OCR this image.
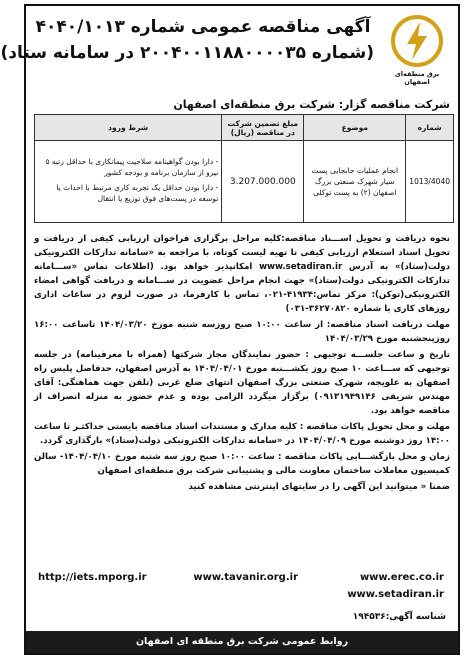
برق منطقه‌ای اصفهان
آگهی مناقصه عمومی شماره ۴۰۴۰/۱۰۱۳
(شماره ۲۰۰۴۰۰۱۱۸۸۰۰۰۰۳۵ در سامانه ستاد)
شرکت مناقصه گزار: شرکت برق منطقه‌ای اصفهان
شماره	موضوع	مبلغ تضمین شرکت در مناقصه (ریال)	شرط ورود
1013/4040	انجام عملیات جابجایی پست سیار شهرک صنعتی بزرگ اصفهان (۲) به پست توکلی	3.207.000.000	- دارا بودن گواهینامه صلاحیت پیمانکاری با حداقل رتبه ۵ نیرو از سازمان برنامه و بودجه کشور
- دارا بودن حداقل یک تجربه کاری مرتبط با احداث یا توسعه در پست‌های فوق توزیع یا انتقال

نحوه دریافت و تحویل اســـناد مناقصه:کلیه مراحل برگزاری فراخوان ارزیابی کیفی از دریافت و تحویل اسناد استعلام ارزیابی کیفی تا تهیه لیست کوتاه، با مراجعه به «سامانه تدارکات الکترونیکی دولت(ستاد)» به آدرس www.setadiran.ir امکانپذیر خواهد بود. (اطلاعات تماس «ســـامانه تدارکات الکترونیکی دولت(ستاد)» جهت انجام مراحل عضویت در ســـامانه و دریافت گواهی امضاء الکترونیکی(توکن): مرکز تماس:۴۱۹۳۴-۰۲۱، تماس با کارفرما، در صورت لزوم در ساعات اداری روزهای کاری با شماره ۳۶۲۷۰۸۲۰-۰۳۱)

مهلت دریافت اسناد مناقصه: از ساعت ۱۰:۰۰ صبح روزسه شنبه مورخ ۱۴۰۴/۰۳/۲۰ تاساعت ۱۶:۰۰ روزپنجشنبه مورخ ۱۴۰۴/۰۳/۲۹

تاریخ و ساعت جلســـه توجیهی : حضور نمایندگان مجاز شرکتها (همراه با معرفینامه) در جلسه توجیهی که ســـاعت ۱۰ صبح روز یکشـــنبه مورخ ۱۴۰۴/۰۴/۰۱ به آدرس اصفهان، حدفاصل پلیس راه اصفهان به علویجه، شهرک صنعتی بزرگ اصفهان انتهای ضلع غربی (تلفن جهت هماهنگی: آقای مهندس شریفی ۰۹۱۳۱۹۴۹۱۴۶) برگزار میگردد الزامی بوده و عدم حضور به منزله انصراف از مناقصه خواهد بود.

مهلت و محل تحویل پاکات مناقصه : کلیه مدارک و مستندات اسناد مناقصه بایستی حداکثـر تا ساعت ۱۴:۰۰ روز دوشنبه مورخ ۱۴۰۴/۰۴/۰۹ در «سامانه تدارکات الکترونیکی دولت(ستاد)» بارگذاری گردد.

زمان و محل بازگشـــایی پاکات مناقصه : ساعت ۱۰:۰۰ صبح روز سه شنبه مورخ ۱۴۰۴/۰۴/۱۰- سالن کمیسیون معاملات ساختمان معاونت مالی و پشتیبانی شرکت برق منطقه‌ای اصفهان

ضمنا « میتوانید این آگهی را در سایتهای اینترنتی مشاهده کنید

www.erec.co.ir
www.tavanir.org.ir
http://iets.mporg.ir
www.setadiran.ir
شناسه آگهی:۱۹۴۵۳۶
روابط عمومی شرکت برق منطقه ای اصفهان
